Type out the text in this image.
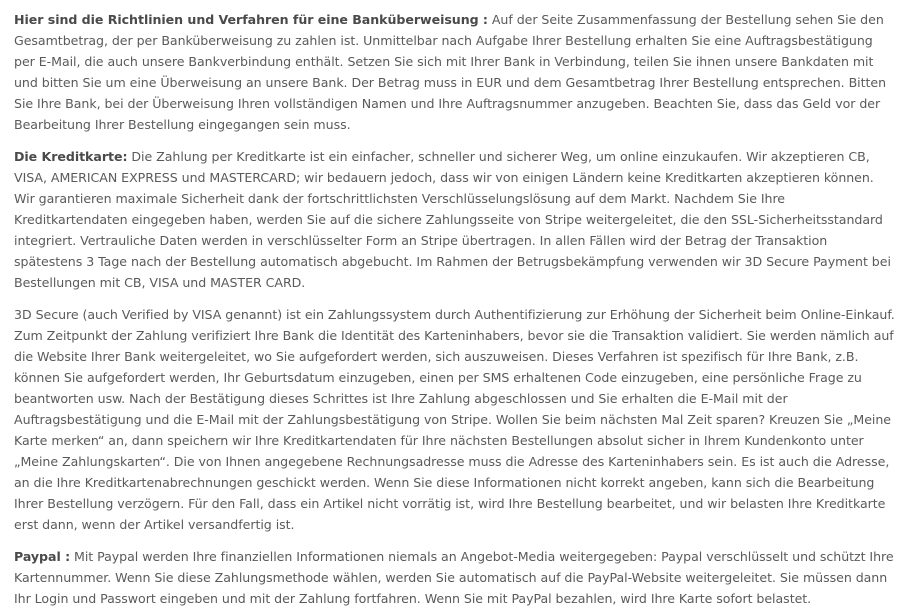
Hier sind die Richtlinien und Verfahren für eine Banküberweisung : Auf der Seite Zusammenfassung der Bestellung sehen Sie den Gesamtbetrag, der per Banküberweisung zu zahlen ist. Unmittelbar nach Aufgabe Ihrer Bestellung erhalten Sie eine Auftragsbestätigung per E-Mail, die auch unsere Bankverbindung enthält. Setzen Sie sich mit Ihrer Bank in Verbindung, teilen Sie ihnen unsere Bankdaten mit und bitten Sie um eine Überweisung an unsere Bank. Der Betrag muss in EUR und dem Gesamtbetrag Ihrer Bestellung entsprechen. Bitten Sie Ihre Bank, bei der Überweisung Ihren vollständigen Namen und Ihre Auftragsnummer anzugeben. Beachten Sie, dass das Geld vor der Bearbeitung Ihrer Bestellung eingegangen sein muss.

Die Kreditkarte: Die Zahlung per Kreditkarte ist ein einfacher, schneller und sicherer Weg, um online einzukaufen. Wir akzeptieren CB, VISA, AMERICAN EXPRESS und MASTERCARD; wir bedauern jedoch, dass wir von einigen Ländern keine Kreditkarten akzeptieren können. Wir garantieren maximale Sicherheit dank der fortschrittlichsten Verschlüsselungslösung auf dem Markt. Nachdem Sie Ihre Kreditkartendaten eingegeben haben, werden Sie auf die sichere Zahlungsseite von Stripe weitergeleitet, die den SSL-Sicherheitsstandard integriert. Vertrauliche Daten werden in verschlüsselter Form an Stripe übertragen. In allen Fällen wird der Betrag der Transaktion spätestens 3 Tage nach der Bestellung automatisch abgebucht. Im Rahmen der Betrugsbekämpfung verwenden wir 3D Secure Payment bei Bestellungen mit CB, VISA und MASTER CARD.

3D Secure (auch Verified by VISA genannt) ist ein Zahlungssystem durch Authentifizierung zur Erhöhung der Sicherheit beim Online-Einkauf. Zum Zeitpunkt der Zahlung verifiziert Ihre Bank die Identität des Karteninhabers, bevor sie die Transaktion validiert. Sie werden nämlich auf die Website Ihrer Bank weitergeleitet, wo Sie aufgefordert werden, sich auszuweisen. Dieses Verfahren ist spezifisch für Ihre Bank, z.B. können Sie aufgefordert werden, Ihr Geburtsdatum einzugeben, einen per SMS erhaltenen Code einzugeben, eine persönliche Frage zu beantworten usw. Nach der Bestätigung dieses Schrittes ist Ihre Zahlung abgeschlossen und Sie erhalten die E-Mail mit der Auftragsbestätigung und die E-Mail mit der Zahlungsbestätigung von Stripe. Wollen Sie beim nächsten Mal Zeit sparen? Kreuzen Sie „Meine Karte merken“ an, dann speichern wir Ihre Kreditkartendaten für Ihre nächsten Bestellungen absolut sicher in Ihrem Kundenkonto unter „Meine Zahlungskarten“. Die von Ihnen angegebene Rechnungsadresse muss die Adresse des Karteninhabers sein. Es ist auch die Adresse, an die Ihre Kreditkartenabrechnungen geschickt werden. Wenn Sie diese Informationen nicht korrekt angeben, kann sich die Bearbeitung Ihrer Bestellung verzögern. Für den Fall, dass ein Artikel nicht vorrätig ist, wird Ihre Bestellung bearbeitet, und wir belasten Ihre Kreditkarte erst dann, wenn der Artikel versandfertig ist.

Paypal : Mit Paypal werden Ihre finanziellen Informationen niemals an Angebot-Media weitergegeben: Paypal verschlüsselt und schützt Ihre Kartennummer. Wenn Sie diese Zahlungsmethode wählen, werden Sie automatisch auf die PayPal-Website weitergeleitet. Sie müssen dann Ihr Login und Passwort eingeben und mit der Zahlung fortfahren. Wenn Sie mit PayPal bezahlen, wird Ihre Karte sofort belastet.
